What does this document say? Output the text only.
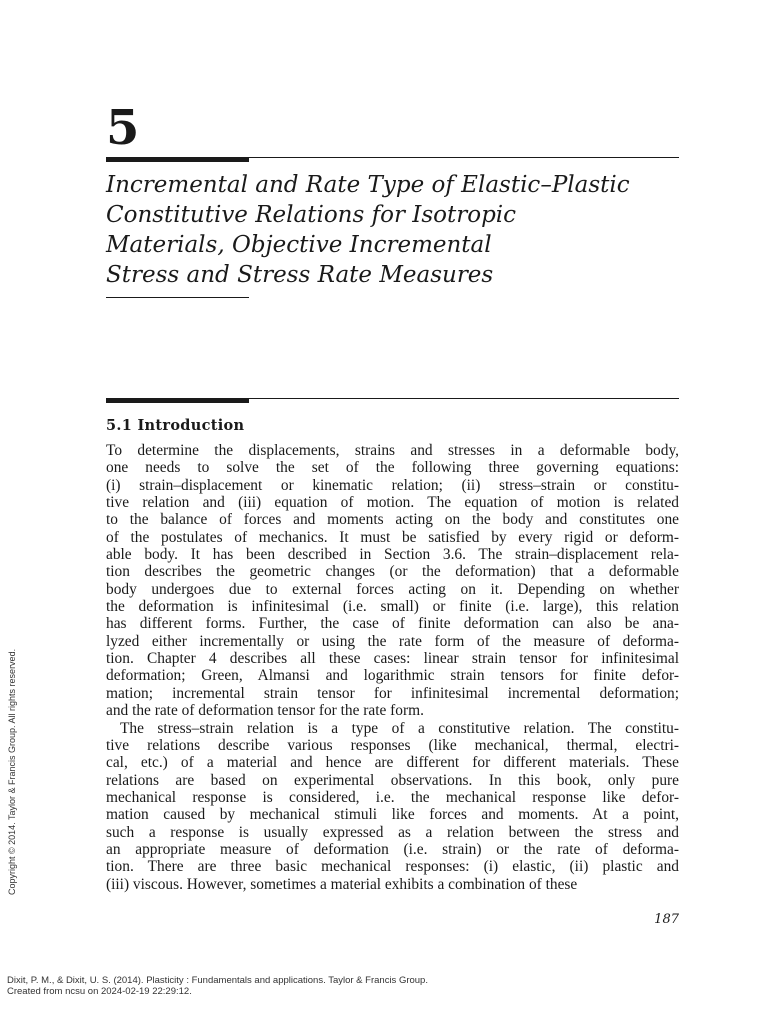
5
Incremental and Rate Type of Elastic–Plastic
Constitutive Relations for Isotropic
Materials, Objective Incremental
Stress and Stress Rate Measures
5.1 Introduction
To determine the displacements, strains and stresses in a deformable body,
one needs to solve the set of the following three governing equations:
(i) strain–displacement or kinematic relation; (ii) stress–strain or constitu-
tive relation and (iii) equation of motion. The equation of motion is related
to the balance of forces and moments acting on the body and constitutes one
of the postulates of mechanics. It must be satisfied by every rigid or deform-
able body. It has been described in Section 3.6. The strain–displacement rela-
tion describes the geometric changes (or the deformation) that a deformable
body undergoes due to external forces acting on it. Depending on whether
the deformation is infinitesimal (i.e. small) or finite (i.e. large), this relation
has different forms. Further, the case of finite deformation can also be ana-
lyzed either incrementally or using the rate form of the measure of deforma-
tion. Chapter 4 describes all these cases: linear strain tensor for infinitesimal
deformation; Green, Almansi and logarithmic strain tensors for finite defor-
mation; incremental strain tensor for infinitesimal incremental deformation;
and the rate of deformation tensor for the rate form.
The stress–strain relation is a type of a constitutive relation. The constitu-
tive relations describe various responses (like mechanical, thermal, electri-
cal, etc.) of a material and hence are different for different materials. These
relations are based on experimental observations. In this book, only pure
mechanical response is considered, i.e. the mechanical response like defor-
mation caused by mechanical stimuli like forces and moments. At a point,
such a response is usually expressed as a relation between the stress and
an appropriate measure of deformation (i.e. strain) or the rate of deforma-
tion. There are three basic mechanical responses: (i) elastic, (ii) plastic and
(iii) viscous. However, sometimes a material exhibits a combination of these
187
Copyright © 2014. Taylor & Francis Group. All rights reserved.
Dixit, P. M., & Dixit, U. S. (2014). Plasticity : Fundamentals and applications. Taylor & Francis Group.
Created from ncsu on 2024-02-19 22:29:12.
